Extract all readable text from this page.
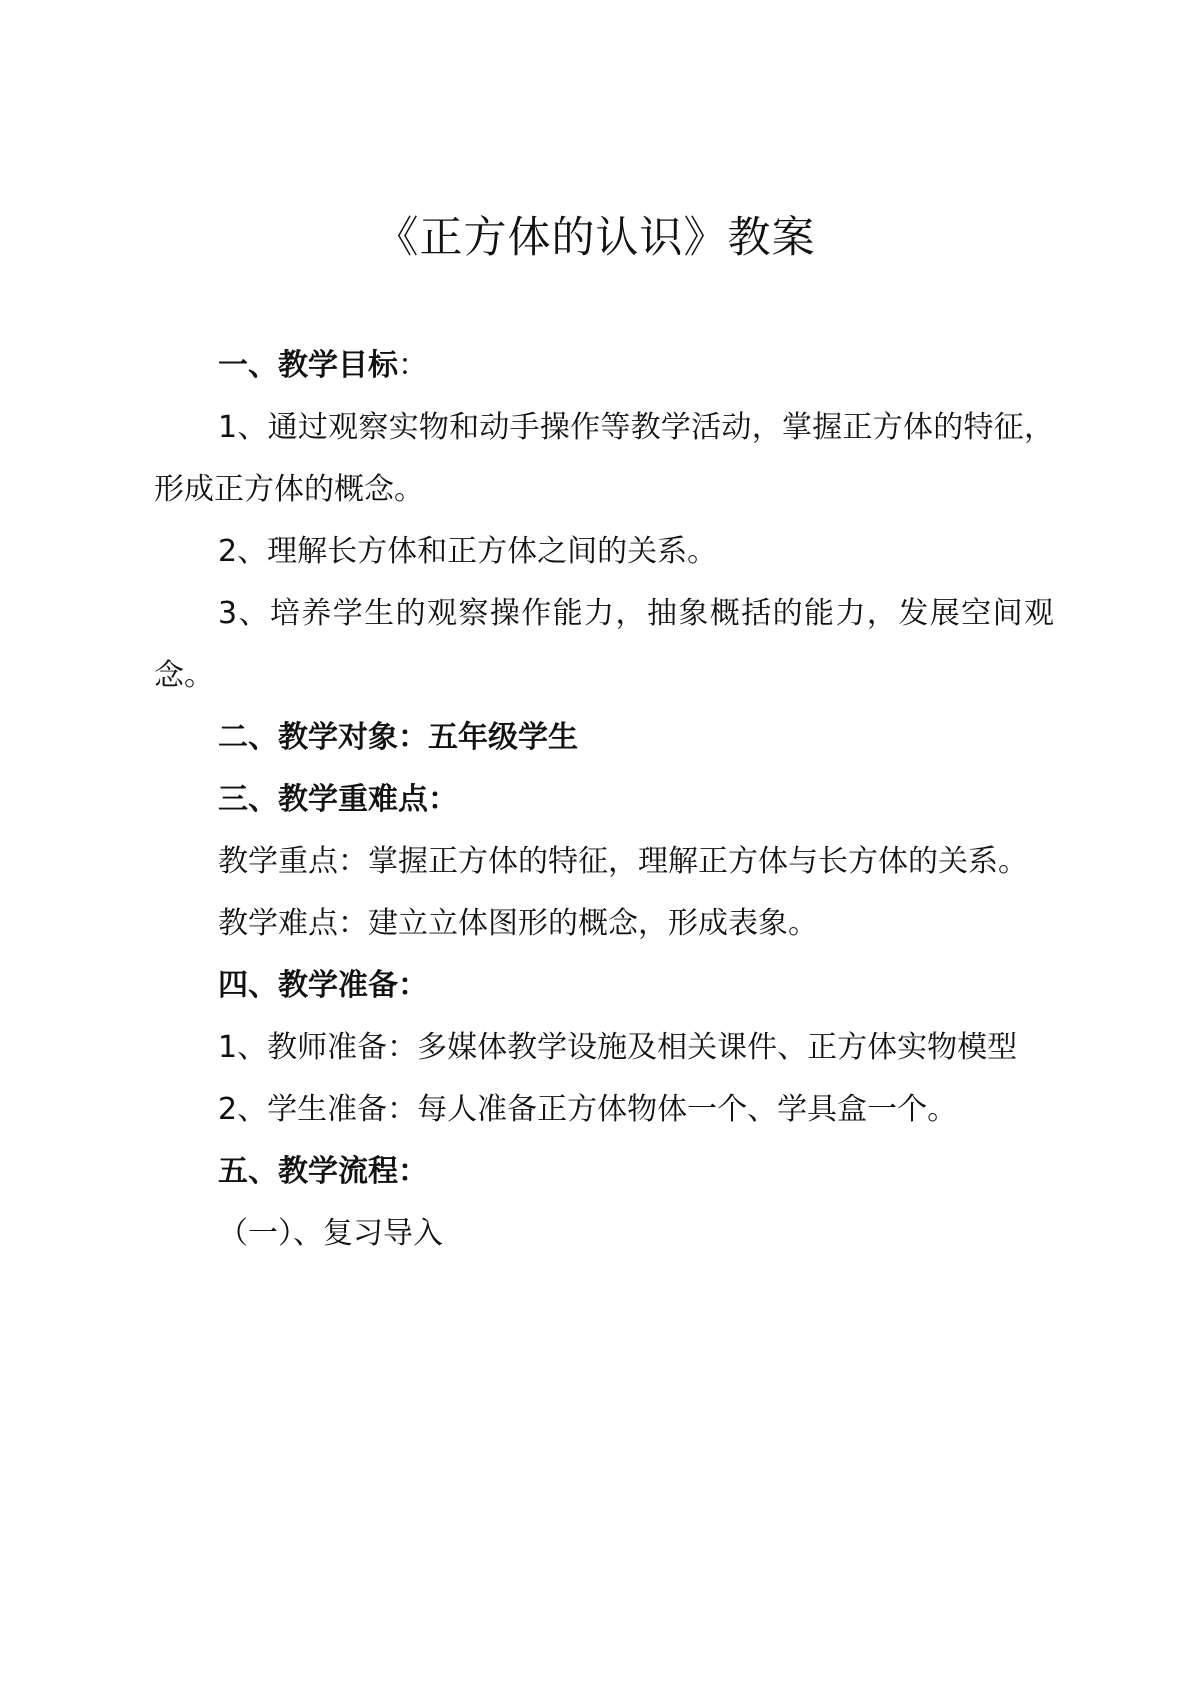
《正方体的认识》教案

一、教学目标：

1、通过观察实物和动手操作等教学活动，掌握正方体的特征，形成正方体的概念。

2、理解长方体和正方体之间的关系。

3、培养学生的观察操作能力，抽象概括的能力，发展空间观念。

二、教学对象：五年级学生

三、教学重难点：

教学重点：掌握正方体的特征，理解正方体与长方体的关系。

教学难点：建立立体图形的概念，形成表象。

四、教学准备：

1、教师准备：多媒体教学设施及相关课件、正方体实物模型

2、学生准备：每人准备正方体物体一个、学具盒一个。

五、教学流程：

（一）、复习导入
